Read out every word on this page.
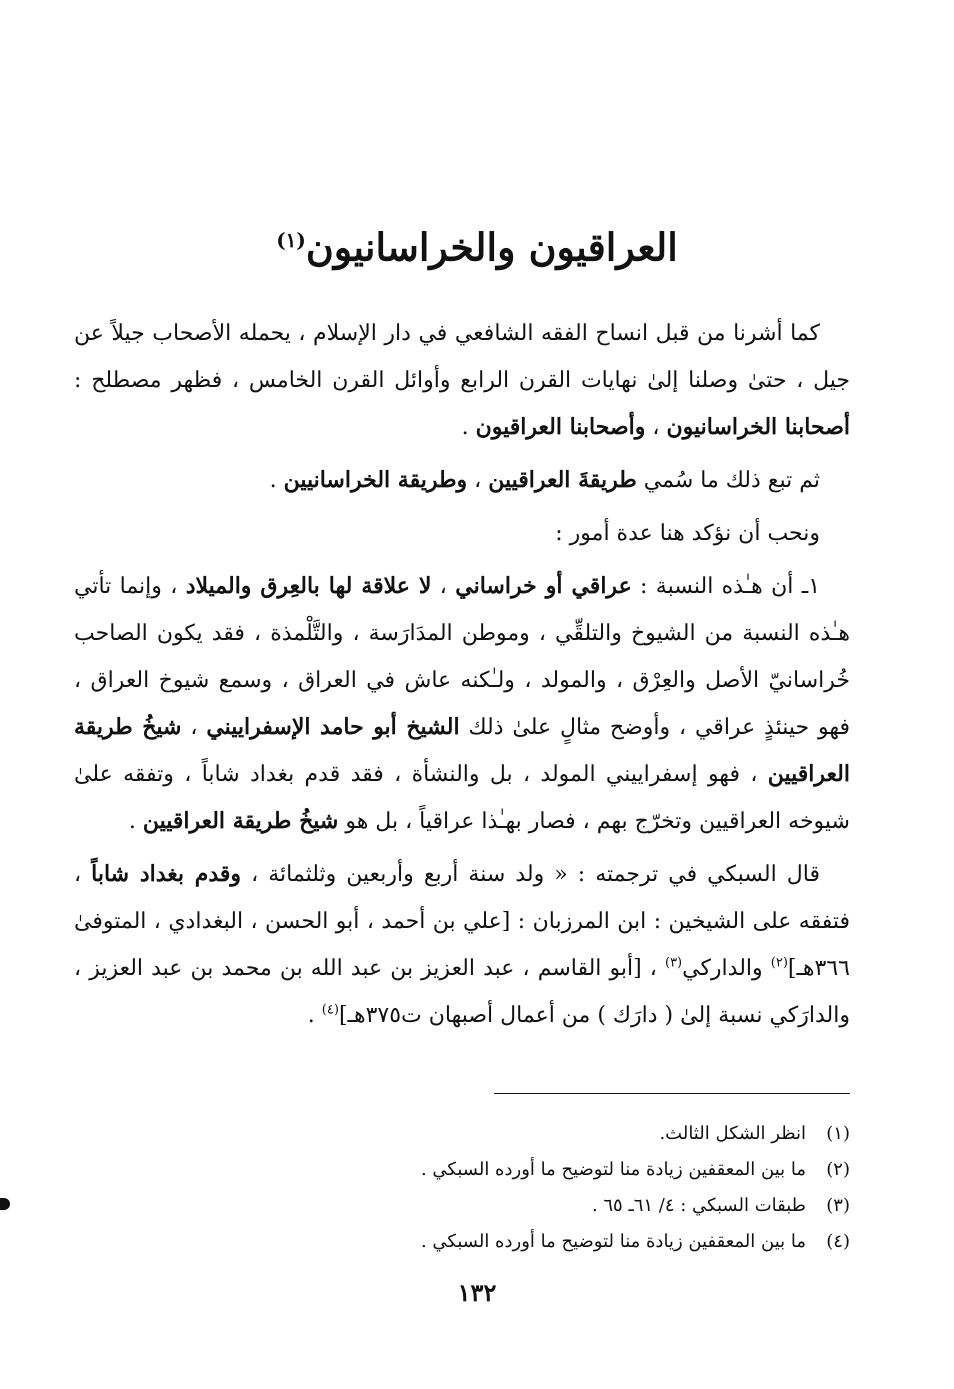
العراقيون والخراسانيون$^{(١)}$

كما أشرنا من قبل انساح الفقه الشافعي في دار الإسلام ، يحمله الأصحاب جيلاً عن جيل ، حتىٰ وصلنا إلىٰ نهايات القرن الرابع وأوائل القرن الخامس ، فظهر مصطلح : أصحابنا الخراسانيون ، وأصحابنا العراقيون .

ثم تبع ذلك ما سُمي طريقةَ العراقيين ، وطريقة الخراسانيين .

ونحب أن نؤكد هنا عدة أمور :

١ـ أن هـٰذه النسبة : عراقي أو خراساني ، لا علاقة لها بالعِرق والميلاد ، وإنما تأتي هـٰذه النسبة من الشيوخ والتلقِّي ، وموطن المدَارَسة ، والتَّلْمذة ، فقد يكون الصاحب خُراسانيّ الأصل والعِرْق ، والمولد ، ولـٰكنه عاش في العراق ، وسمع شيوخ العراق ، فهو حينئذٍ عراقي ، وأوضح مثالٍ علىٰ ذلك الشيخ أبو حامد الإسفراييني ، شيخُ طريقة العراقيين ، فهو إسفراييني المولد ، بل والنشأة ، فقد قدم بغداد شاباً ، وتفقه علىٰ شيوخه العراقيين وتخرّج بهم ، فصار بهـٰذا عراقياً ، بل هو شيخُ طريقة العراقيين .

قال السبكي في ترجمته : « ولد سنة أربع وأربعين وثلثمائة ، وقدم بغداد شاباً ، فتفقه على الشيخين : ابن المرزبان : [علي بن أحمد ، أبو الحسن ، البغدادي ، المتوفىٰ ٣٦٦هـ]$^{(٢)}$ والداركي$^{(٣)}$ ، [أبو القاسم ، عبد العزيز بن عبد الله بن محمد بن عبد العزيز ، والدارَكي نسبة إلىٰ ( دارَك ) من أعمال أصبهان ت٣٧٥هـ]$^{(٤)}$ .

(١)
انظر الشكل الثالث.
(٢)
ما بين المعقفين زيادة منا لتوضيح ما أورده السبكي .
(٣)
طبقات السبكي : ٤/ ٦١ـ ٦٥ .
(٤)
ما بين المعقفين زيادة منا لتوضيح ما أورده السبكي .

١٣٢
